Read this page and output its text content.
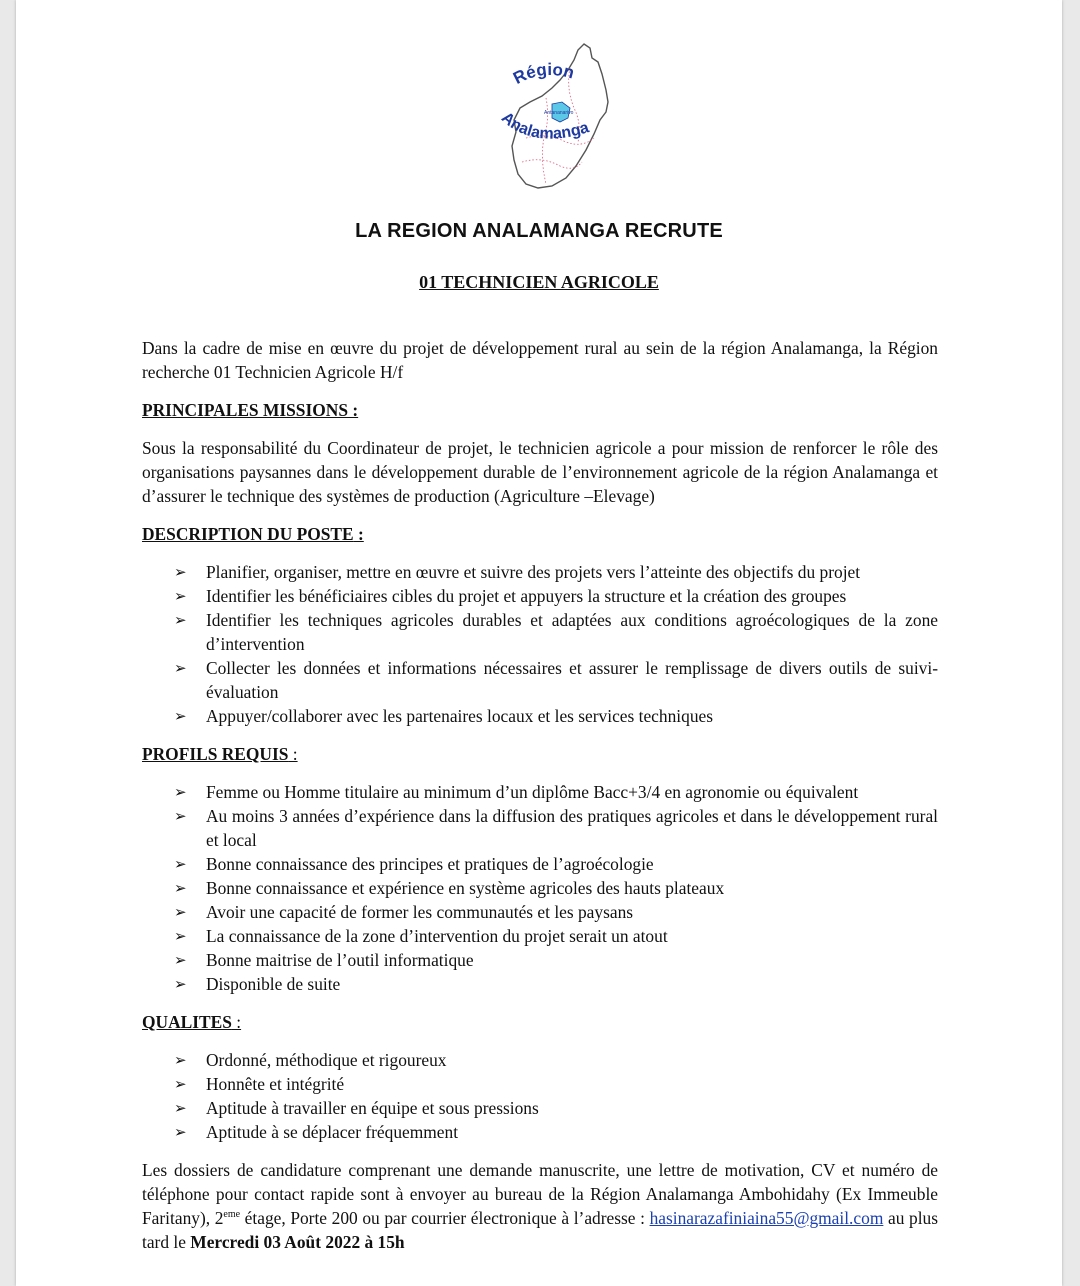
Antananarivo
Région
Analamanga
LA REGION ANALAMANGA RECRUTE
01 TECHNICIEN AGRICOLE

Dans la cadre de mise en œuvre du projet de développement rural au sein de la région Analamanga, la Région recherche 01 Technicien Agricole H/f

PRINCIPALES MISSIONS :

Sous la responsabilité du Coordinateur de projet, le technicien agricole a pour mission de renforcer le rôle des organisations paysannes dans le développement durable de l’environnement agricole de la région Analamanga et d’assurer le technique des systèmes de production (Agriculture –Elevage)

DESCRIPTION DU POSTE :
➢ Planifier, organiser, mettre en œuvre et suivre des projets vers l’atteinte des objectifs du projet
➢ Identifier les bénéficiaires cibles du projet et appuyers la structure et la création des groupes
➢ Identifier les techniques agricoles durables et adaptées aux conditions agroécologiques de la zone d’intervention
➢ Collecter les données et informations nécessaires et assurer le remplissage de divers outils de suivi-évaluation
➢ Appuyer/collaborer avec les partenaires locaux et les services techniques
PROFILS REQUIS :
➢ Femme ou Homme titulaire au minimum d’un diplôme Bacc+3/4 en agronomie ou équivalent
➢ Au moins 3 années d’expérience dans la diffusion des pratiques agricoles et dans le développement rural et local
➢ Bonne connaissance des principes et pratiques de l’agroécologie
➢ Bonne connaissance et expérience en système agricoles des hauts plateaux
➢ Avoir une capacité de former les communautés et les paysans
➢ La connaissance de la zone d’intervention du projet serait un atout
➢ Bonne maitrise de l’outil informatique
➢ Disponible de suite
QUALITES :
➢ Ordonné, méthodique et rigoureux
➢ Honnête et intégrité
➢ Aptitude à travailler en équipe et sous pressions
➢ Aptitude à se déplacer fréquemment

Les dossiers de candidature comprenant une demande manuscrite, une lettre de motivation, CV et numéro de téléphone pour contact rapide sont à envoyer au bureau de la Région Analamanga Ambohidahy (Ex Immeuble Faritany), 2eme étage, Porte 200 ou par courrier électronique à l’adresse : hasinarazafiniaina55@gmail.com au plus tard le Mercredi 03 Août 2022 à 15h
